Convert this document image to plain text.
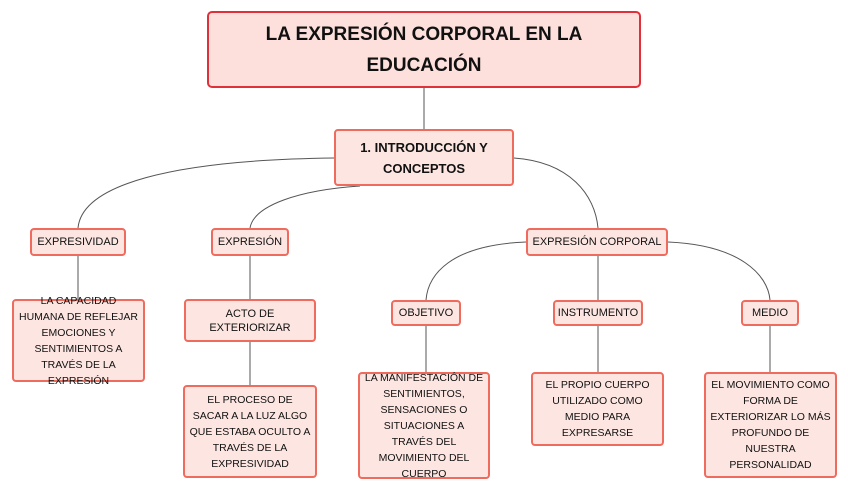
LA EXPRESIÓN CORPORAL EN LA EDUCACIÓN
1. INTRODUCCIÓN Y CONCEPTOS
EXPRESIVIDAD	EXPRESIÓN	EXPRESIÓN CORPORAL
LA CAPACIDAD HUMANA DE REFLEJAR EMOCIONES Y SENTIMIENTOS A TRAVÉS DE LA EXPRESIÓN
ACTO DE EXTERIORIZAR
EL PROCESO DE SACAR A LA LUZ ALGO QUE ESTABA OCULTO A TRAVÉS DE LA EXPRESIVIDAD
OBJETIVO	INSTRUMENTO	MEDIO
LA MANIFESTACIÓN DE SENTIMIENTOS, SENSACIONES O SITUACIONES A TRAVÉS DEL MOVIMIENTO DEL CUERPO
EL PROPIO CUERPO UTILIZADO COMO MEDIO PARA EXPRESARSE
EL MOVIMIENTO COMO FORMA DE EXTERIORIZAR LO MÁS PROFUNDO DE NUESTRA PERSONALIDAD
